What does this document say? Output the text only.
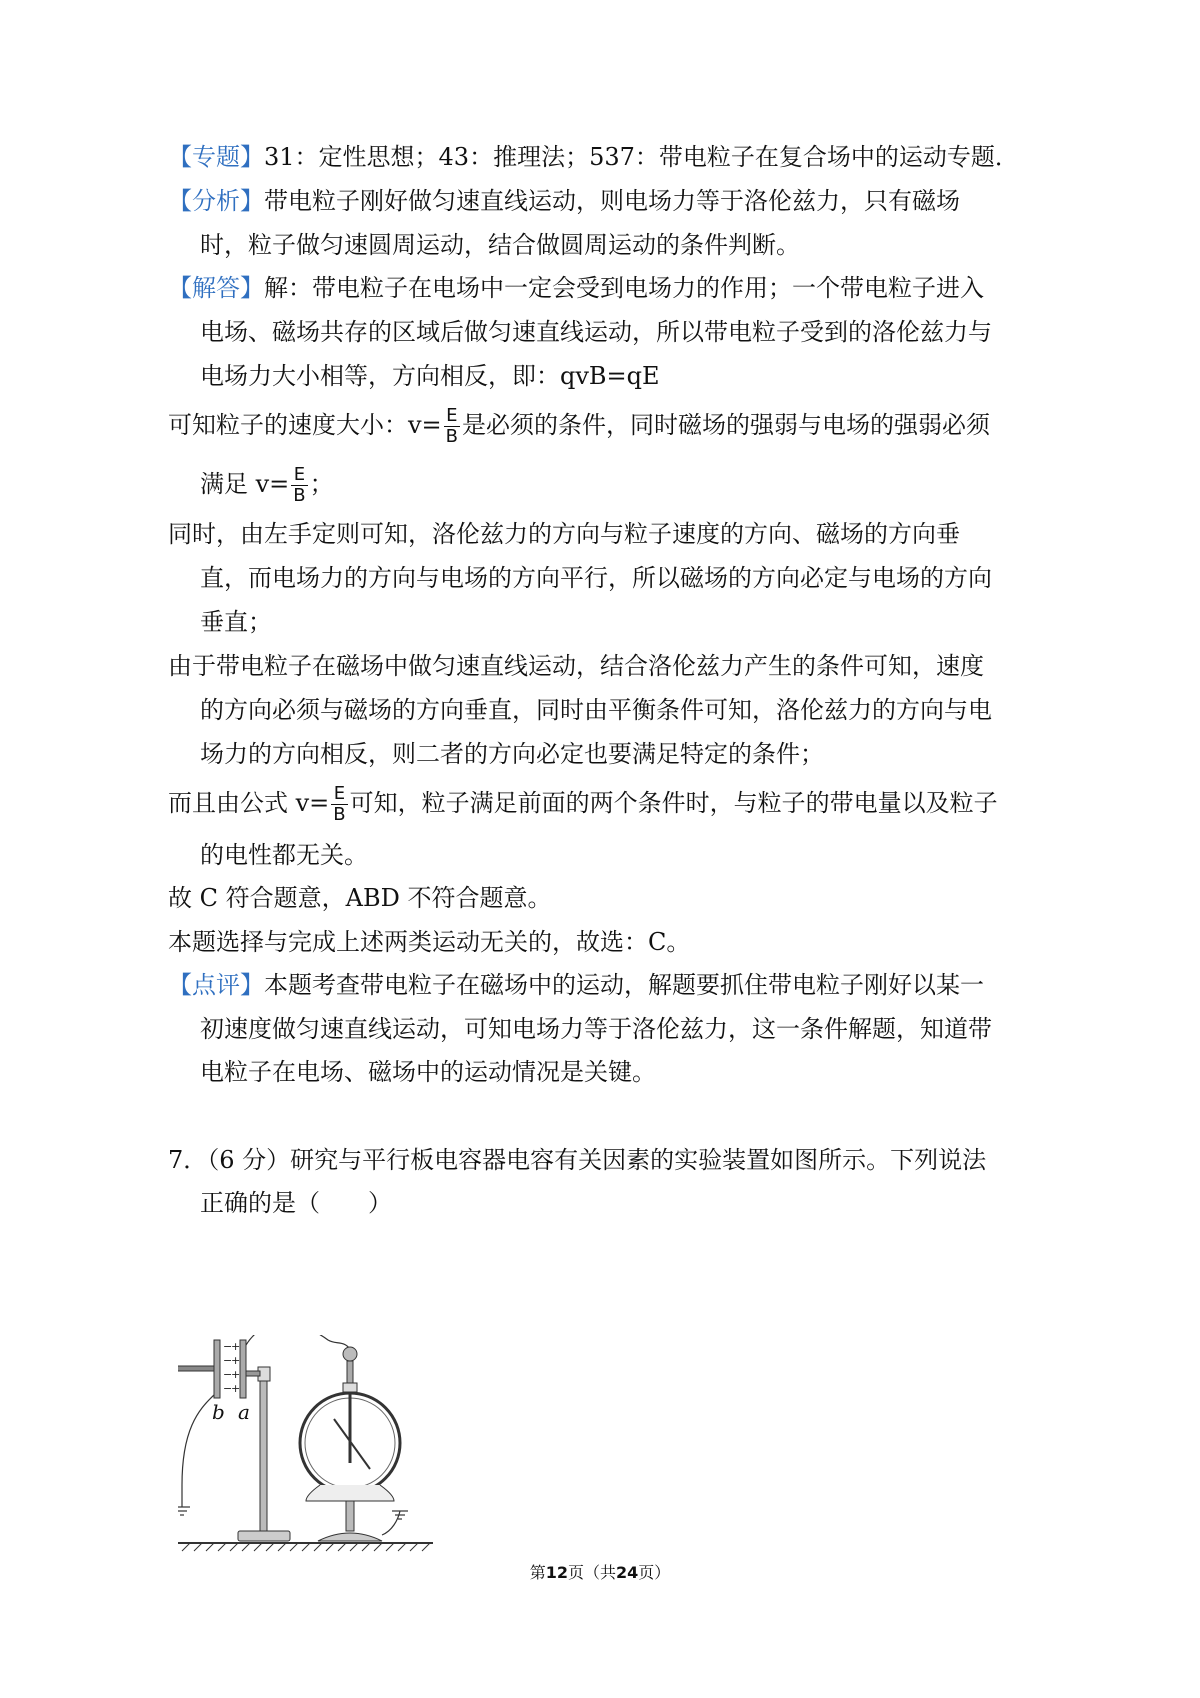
【专题】31：定性思想；43：推理法；537：带电粒子在复合场中的运动专题．
【分析】带电粒子刚好做匀速直线运动，则电场力等于洛伦兹力，只有磁场
时，粒子做匀速圆周运动，结合做圆周运动的条件判断。
【解答】解：带电粒子在电场中一定会受到电场力的作用；一个带电粒子进入
电场、磁场共存的区域后做匀速直线运动，所以带电粒子受到的洛伦兹力与
电场力大小相等，方向相反，即：qvB=qE
可知粒子的速度大小：$v= \frac{E}{B}$ 是必须的条件，同时磁场的强弱与电场的强弱必须
满足 $v= \frac{E}{B}$ ；
同时，由左手定则可知，洛伦兹力的方向与粒子速度的方向、磁场的方向垂
直，而电场力的方向与电场的方向平行，所以磁场的方向必定与电场的方向
垂直；
由于带电粒子在磁场中做匀速直线运动，结合洛伦兹力产生的条件可知，速度
的方向必须与磁场的方向垂直，同时由平衡条件可知，洛伦兹力的方向与电
场力的方向相反，则二者的方向必定也要满足特定的条件；
而且由公式 $v= \frac{E}{B}$ 可知，粒子满足前面的两个条件时，与粒子的带电量以及粒子
的电性都无关。
故 C 符合题意，ABD 不符合题意。
本题选择与完成上述两类运动无关的，故选：C。
【点评】本题考查带电粒子在磁场中的运动，解题要抓住带电粒子刚好以某一
初速度做匀速直线运动，可知电场力等于洛伦兹力，这一条件解题，知道带
电粒子在电场、磁场中的运动情况是关键。
7．（6 分）研究与平行板电容器电容有关因素的实验装置如图所示。下列说法
正确的是（　　）
−
−
−
−
+
+
+
+
b a
第12页（共24页）
